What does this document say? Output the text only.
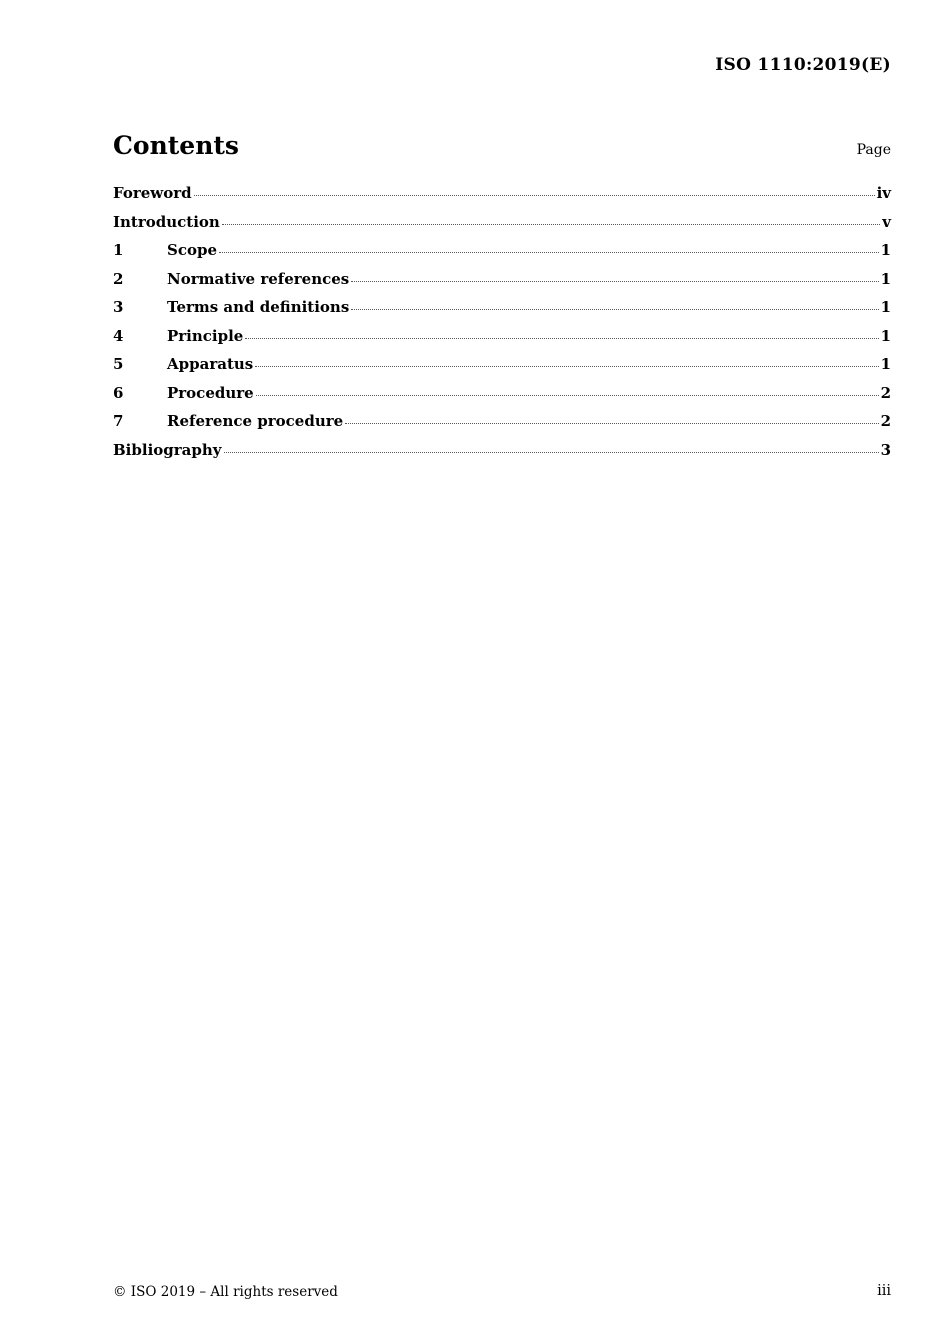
ISO 1110:2019(E)
Contents	Page
Foreword	iv
Introduction	v
1	Scope	1
2	Normative references	1
3	Terms and definitions	1
4	Principle	1
5	Apparatus	1
6	Procedure	2
7	Reference procedure	2
Bibliography	3
© ISO 2019 – All rights reserved	iii
